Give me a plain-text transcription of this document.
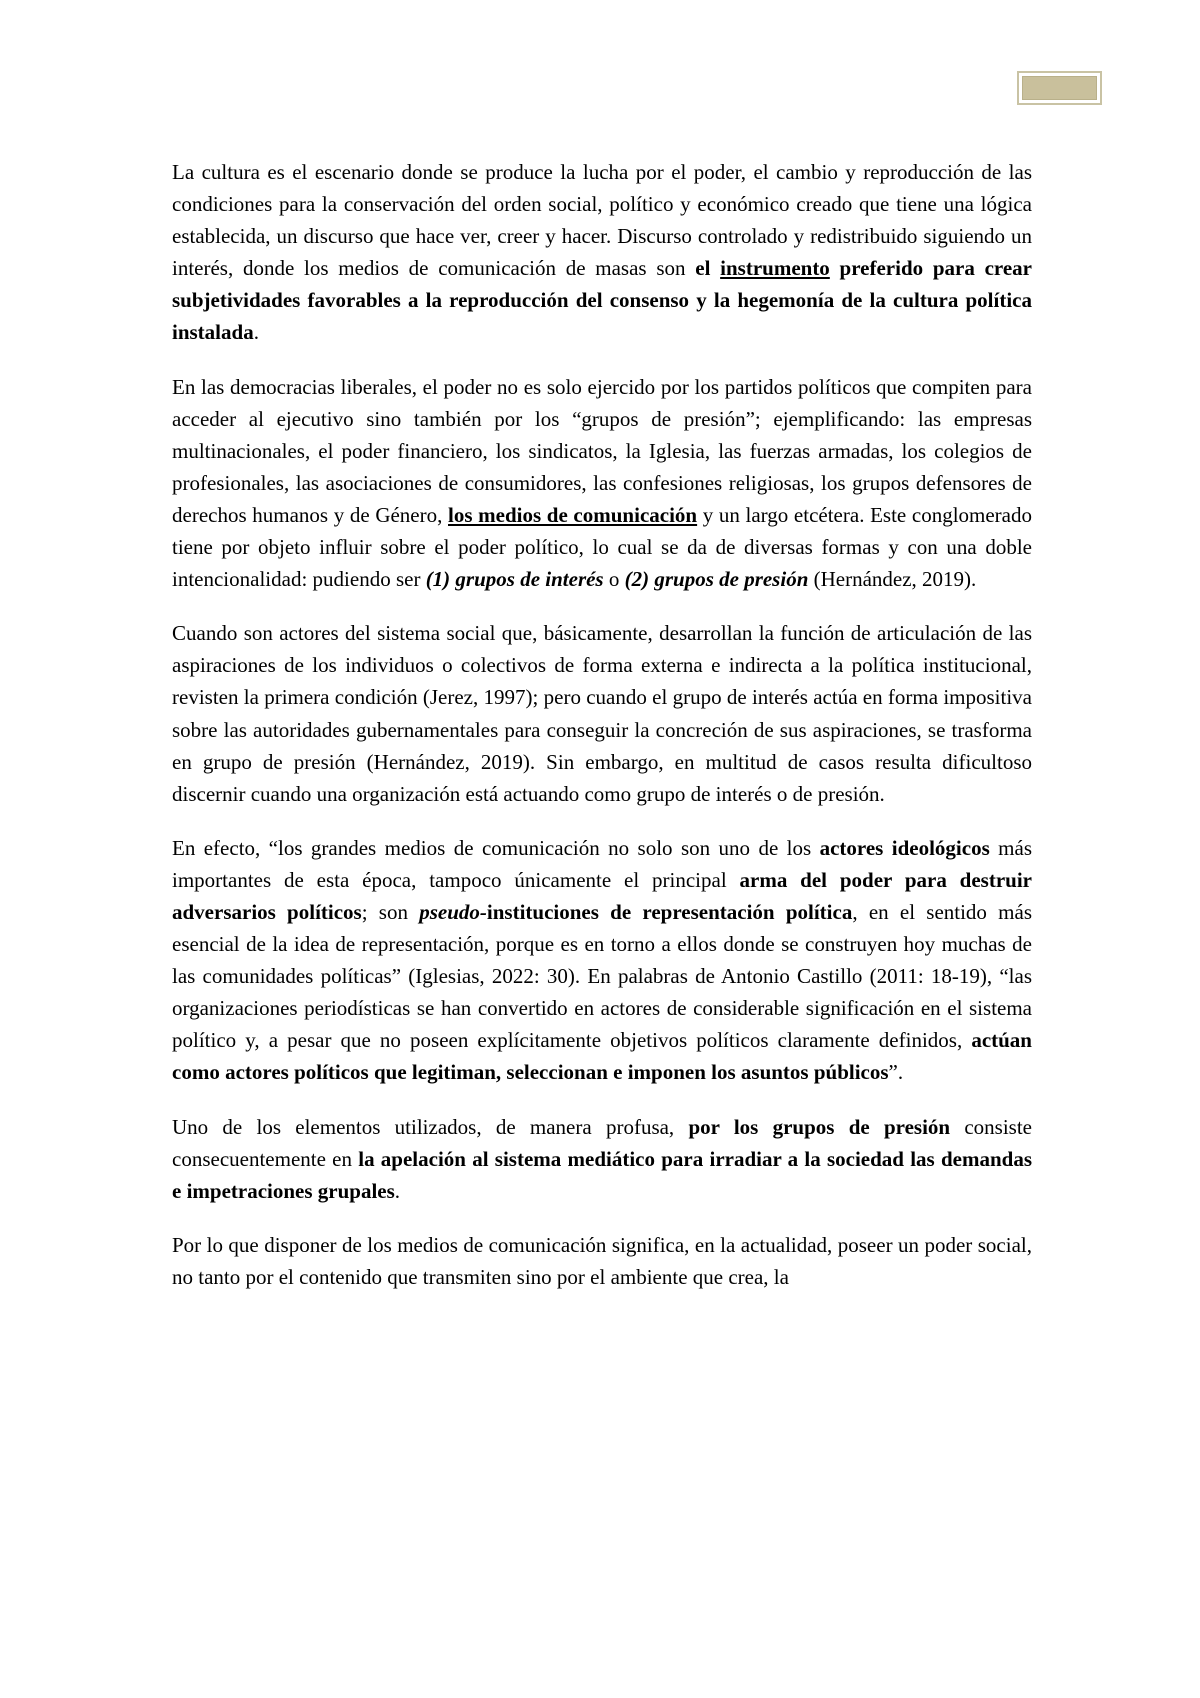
La cultura es el escenario donde se produce la lucha por el poder, el cambio y reproducción de las condiciones para la conservación del orden social, político y económico creado que tiene una lógica establecida, un discurso que hace ver, creer y hacer. Discurso controlado y redistribuido siguiendo un interés, donde los medios de comunicación de masas son el instrumento preferido para crear subjetividades favorables a la reproducción del consenso y la hegemonía de la cultura política instalada.

En las democracias liberales, el poder no es solo ejercido por los partidos políticos que compiten para acceder al ejecutivo sino también por los “grupos de presión”; ejemplificando: las empresas multinacionales, el poder financiero, los sindicatos, la Iglesia, las fuerzas armadas, los colegios de profesionales, las asociaciones de consumidores, las confesiones religiosas, los grupos defensores de derechos humanos y de Género, los medios de comunicación y un largo etcétera. Este conglomerado tiene por objeto influir sobre el poder político, lo cual se da de diversas formas y con una doble intencionalidad: pudiendo ser (1) grupos de interés o (2) grupos de presión (Hernández, 2019).

Cuando son actores del sistema social que, básicamente, desarrollan la función de articulación de las aspiraciones de los individuos o colectivos de forma externa e indirecta a la política institucional, revisten la primera condición (Jerez, 1997); pero cuando el grupo de interés actúa en forma impositiva sobre las autoridades gubernamentales para conseguir la concreción de sus aspiraciones, se trasforma en grupo de presión (Hernández, 2019). Sin embargo, en multitud de casos resulta dificultoso discernir cuando una organización está actuando como grupo de interés o de presión.

En efecto, “los grandes medios de comunicación no solo son uno de los actores ideológicos más importantes de esta época, tampoco únicamente el principal arma del poder para destruir adversarios políticos; son pseudo-instituciones de representación política, en el sentido más esencial de la idea de representación, porque es en torno a ellos donde se construyen hoy muchas de las comunidades políticas” (Iglesias, 2022: 30). En palabras de Antonio Castillo (2011: 18-19), “las organizaciones periodísticas se han convertido en actores de considerable significación en el sistema político y, a pesar que no poseen explícitamente objetivos políticos claramente definidos, actúan como actores políticos que legitiman, seleccionan e imponen los asuntos públicos”.

Uno de los elementos utilizados, de manera profusa, por los grupos de presión consiste consecuentemente en la apelación al sistema mediático para irradiar a la sociedad las demandas e impetraciones grupales.

Por lo que disponer de los medios de comunicación significa, en la actualidad, poseer un poder social, no tanto por el contenido que transmiten sino por el ambiente que crea, la
